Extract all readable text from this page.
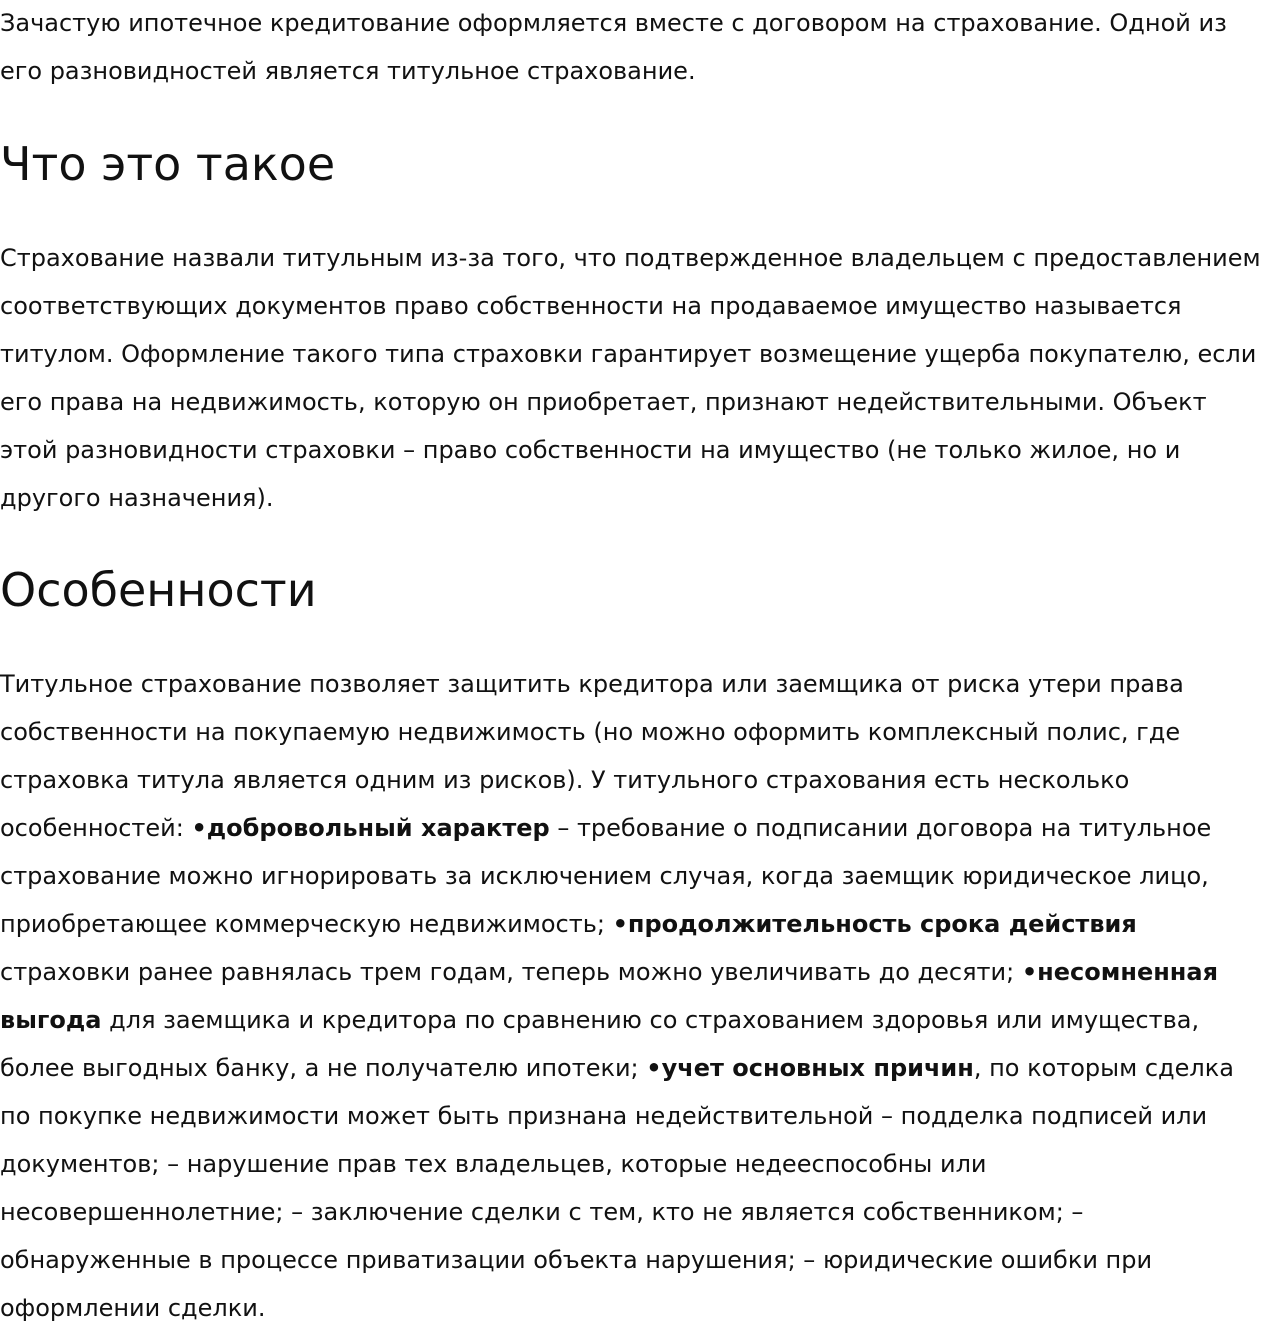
Зачастую ипотечное кредитование оформляется вместе с договором на страхование. Одной из его разновидностей является титульное страхование.

Что это такое

Страхование назвали титульным из-за того, что подтвержденное владельцем с предоставлением соответствующих документов право собственности на продаваемое имущество называется титулом. Оформление такого типа страховки гарантирует возмещение ущерба покупателю, если его права на недвижимость, которую он приобретает, признают недействительными. Объект этой разновидности страховки – право собственности на имущество (не только жилое, но и другого назначения).

Особенности

Титульное страхование позволяет защитить кредитора или заемщика от риска утери права собственности на покупаемую недвижимость (но можно оформить комплексный полис, где страховка титула является одним из рисков). У титульного страхования есть несколько особенностей: •добровольный характер – требование о подписании договора на титульное страхование можно игнорировать за исключением случая, когда заемщик юридическое лицо, приобретающее коммерческую недвижимость; •продолжительность срока действия страховки ранее равнялась трем годам, теперь можно увеличивать до десяти; •несомненная выгода для заемщика и кредитора по сравнению со страхованием здоровья или имущества, более выгодных банку, а не получателю ипотеки; •учет основных причин, по которым сделка по покупке недвижимости может быть признана недействительной – подделка подписей или документов; – нарушение прав тех владельцев, которые недееспособны или несовершеннолетние; – заключение сделки с тем, кто не является собственником; – обнаруженные в процессе приватизации объекта нарушения; – юридические ошибки при оформлении сделки.
